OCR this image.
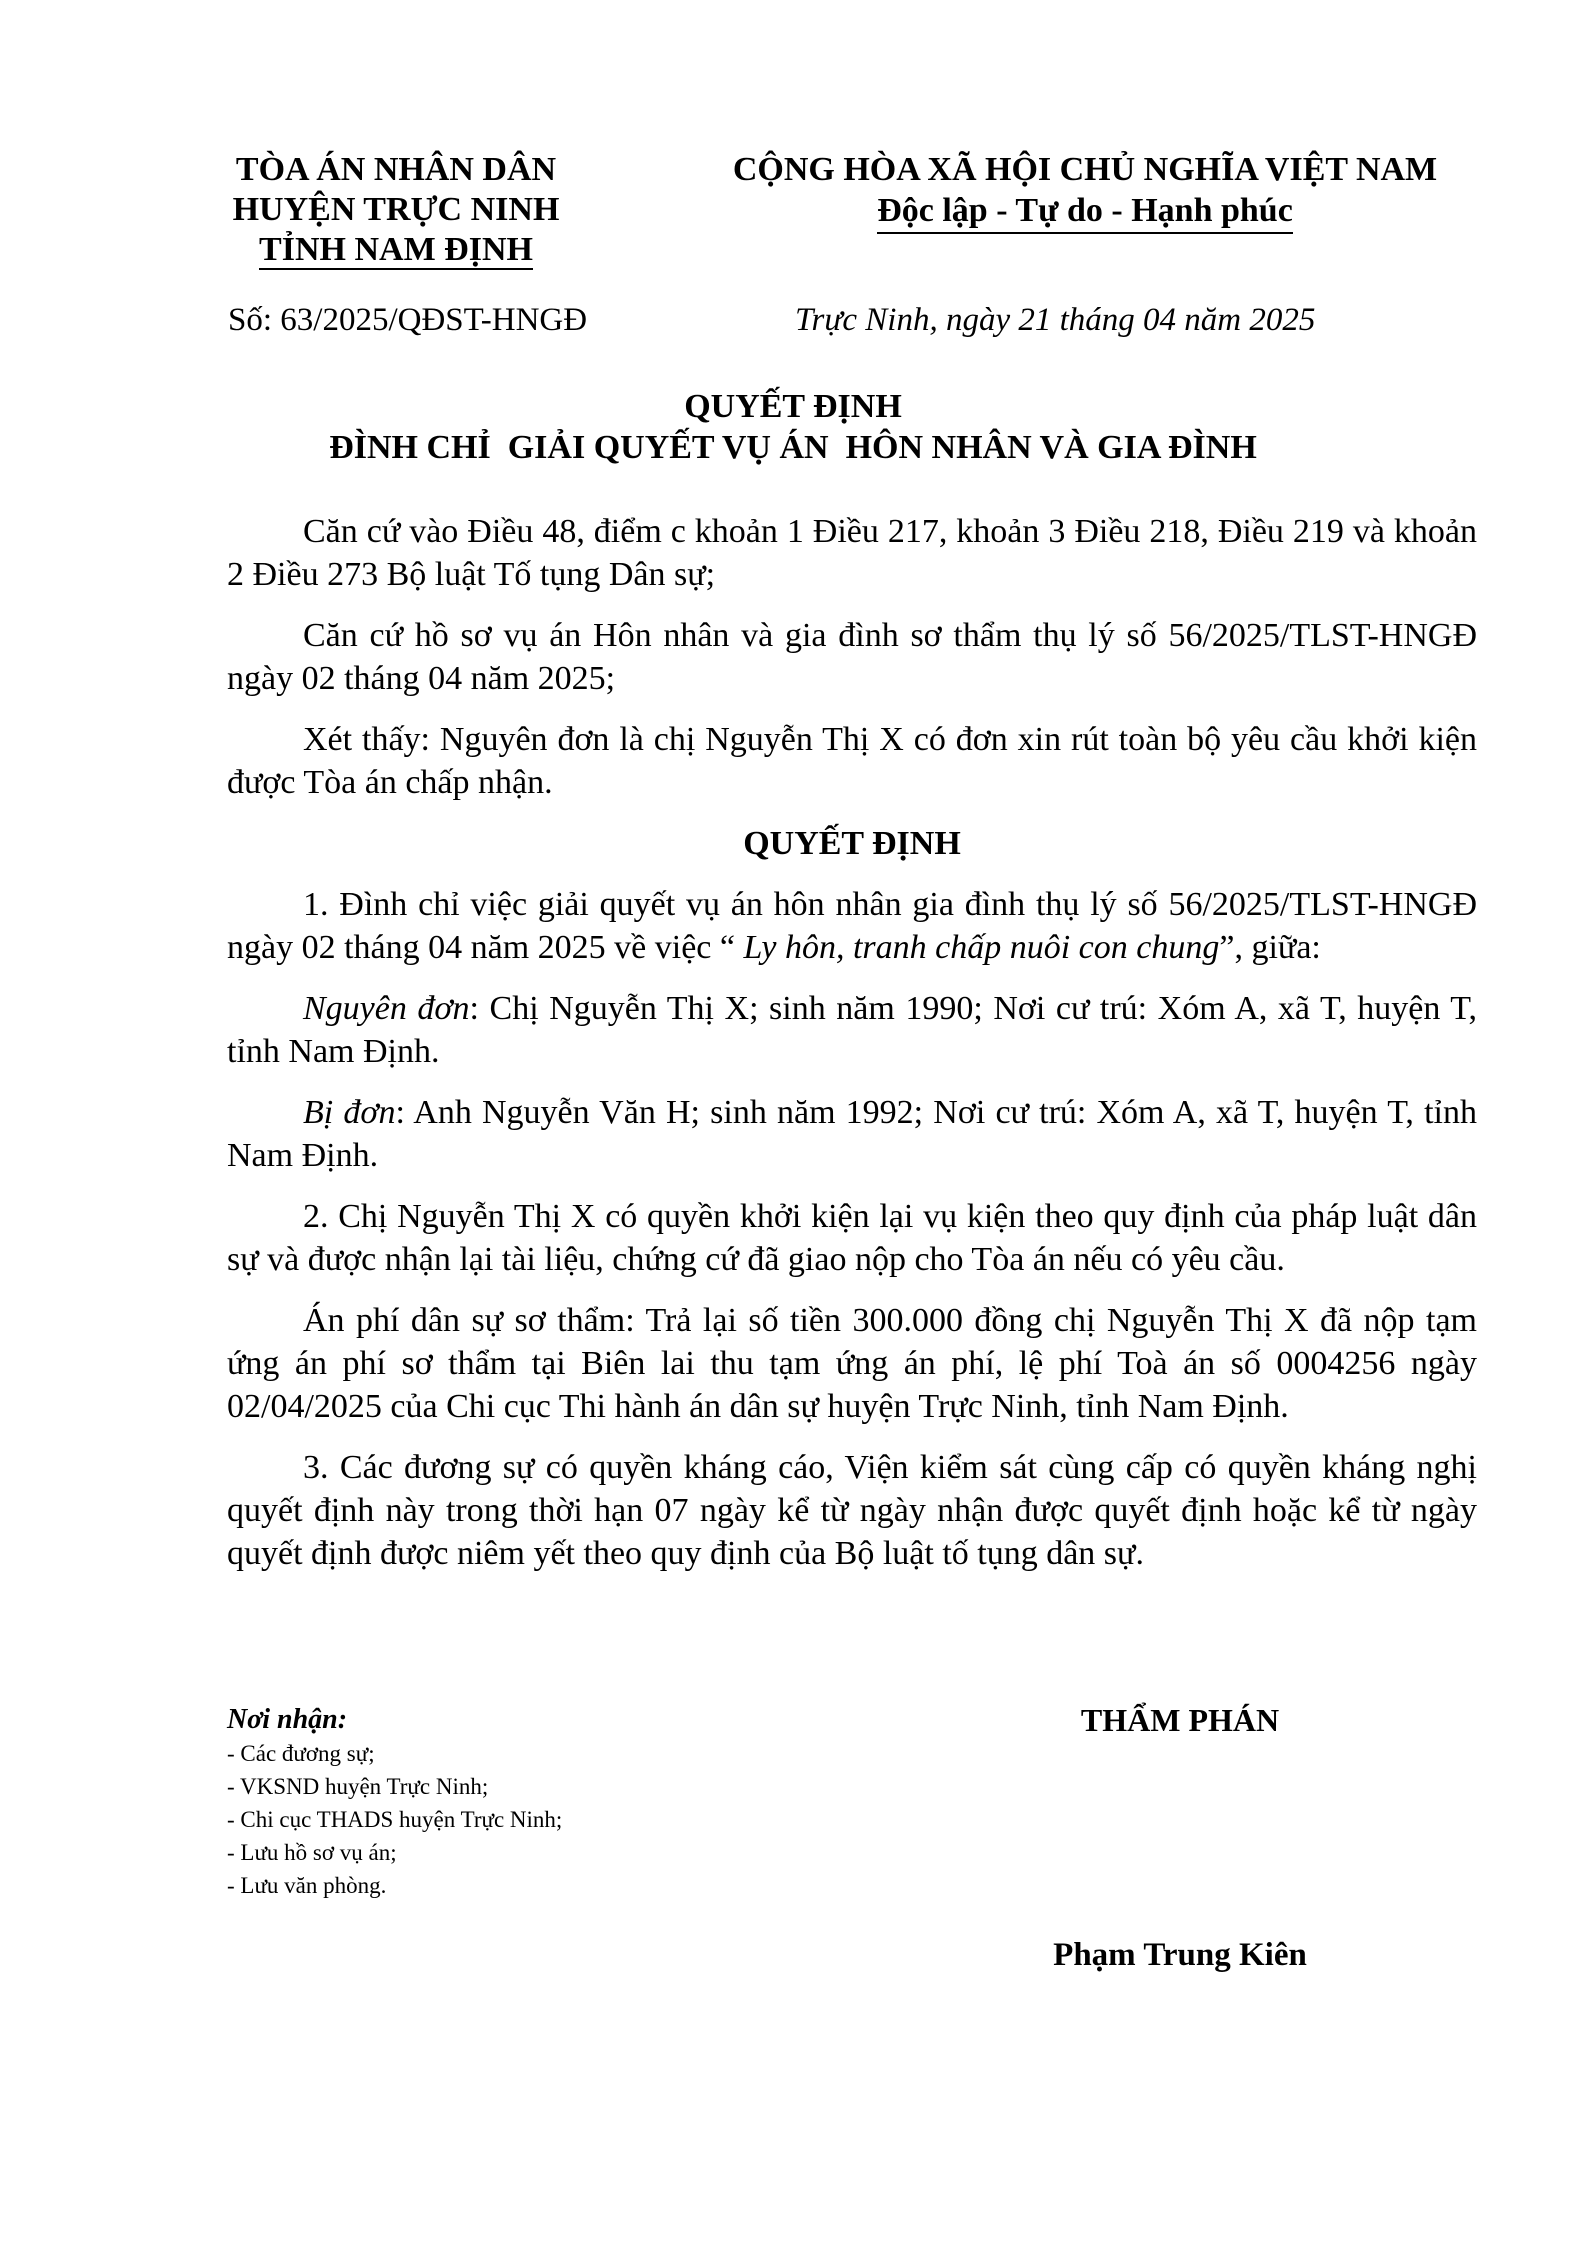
TÒA ÁN NHÂN DÂN
HUYỆN TRỰC NINH
TỈNH NAM ĐỊNH
CỘNG HÒA XÃ HỘI CHỦ NGHĨA VIỆT NAM
Độc lập - Tự do - Hạnh phúc
Số: 63/2025/QĐST-HNGĐ	Trực Ninh, ngày 21 tháng 04 năm 2025
QUYẾT ĐỊNH
ĐÌNH CHỈ  GIẢI QUYẾT VỤ ÁN  HÔN NHÂN VÀ GIA ĐÌNH

Căn cứ vào Điều 48, điểm c khoản 1 Điều 217, khoản 3 Điều 218, Điều 219 và khoản 2 Điều 273 Bộ luật Tố tụng Dân sự;

Căn cứ hồ sơ vụ án Hôn nhân và gia đình sơ thẩm thụ lý số 56/2025/TLST-HNGĐ ngày 02 tháng 04 năm 2025;

Xét thấy: Nguyên đơn là chị Nguyễn Thị X có đơn xin rút toàn bộ yêu cầu khởi kiện được Tòa án chấp nhận.

QUYẾT ĐỊNH

1. Đình chỉ việc giải quyết vụ án hôn nhân gia đình thụ lý số 56/2025/TLST-HNGĐ ngày 02 tháng 04 năm 2025 về việc “ Ly hôn, tranh chấp nuôi con chung”, giữa:

Nguyên đơn: Chị Nguyễn Thị X; sinh năm 1990; Nơi cư trú: Xóm A, xã T, huyện T, tỉnh Nam Định.

Bị đơn: Anh Nguyễn Văn H; sinh năm 1992; Nơi cư trú: Xóm A, xã T, huyện T, tỉnh Nam Định.

2. Chị Nguyễn Thị X có quyền khởi kiện lại vụ kiện theo quy định của pháp luật dân sự và được nhận lại tài liệu, chứng cứ đã giao nộp cho Tòa án nếu có yêu cầu.

Án phí dân sự sơ thẩm: Trả lại số tiền 300.000 đồng chị Nguyễn Thị X đã nộp tạm ứng án phí sơ thẩm tại Biên lai thu tạm ứng án phí, lệ phí Toà án số 0004256 ngày 02/04/2025 của Chi cục Thi hành án dân sự huyện Trực Ninh, tỉnh Nam Định.

3. Các đương sự có quyền kháng cáo, Viện kiểm sát cùng cấp có quyền kháng nghị quyết định này trong thời hạn 07 ngày kể từ ngày nhận được quyết định hoặc kể từ ngày quyết định được niêm yết theo quy định của Bộ luật tố tụng dân sự.

Nơi nhận:
- Các đương sự;
- VKSND huyện Trực Ninh;
- Chi cục THADS huyện Trực Ninh;
- Lưu hồ sơ vụ án;
- Lưu văn phòng.
THẨM PHÁN
Phạm Trung Kiên
